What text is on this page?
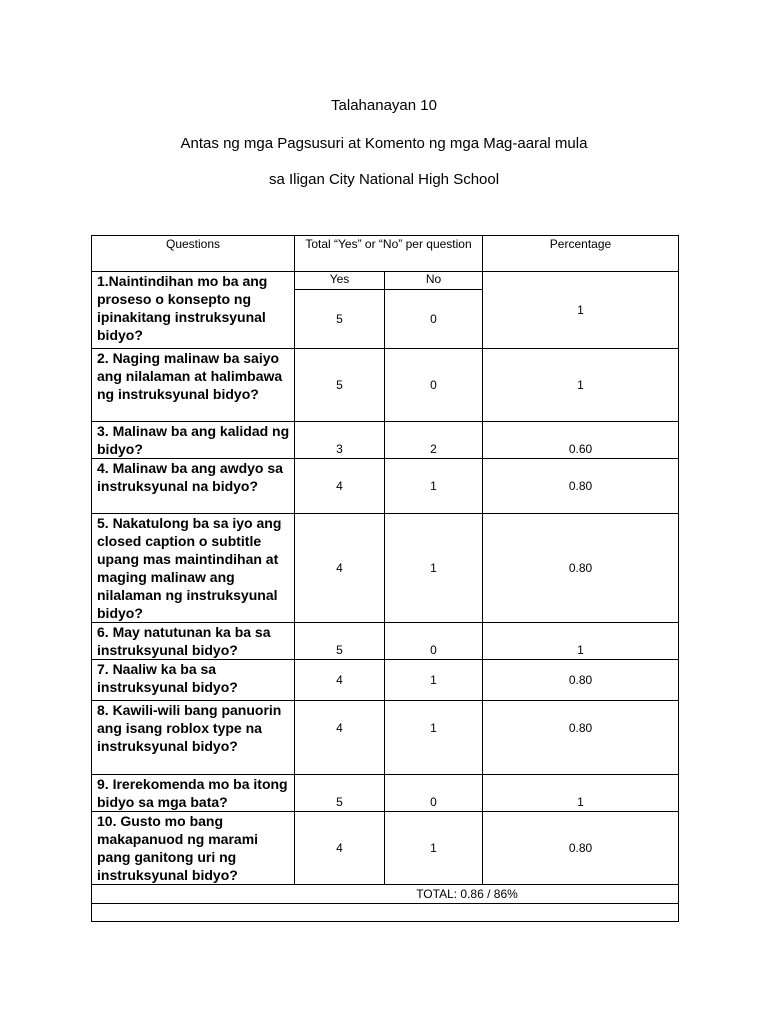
Talahanayan 10
Antas ng mga Pagsusuri at Komento ng mga Mag-aaral mula
sa Iligan City National High School
Questions	Total “Yes” or “No” per question		Percentage
1.Naintindihan mo ba ang proseso o konsepto ng ipinakitang instruksyunal bidyo?	Yes	No	1
	5	0	
2. Naging malinaw ba saiyo ang nilalaman at halimbawa ng instruksyunal bidyo?	5	0	1
3. Malinaw ba ang kalidad ng bidyo?	3	2	0.60
4. Malinaw ba ang awdyo sa instruksyunal na bidyo?	4	1	0.80
5. Nakatulong ba sa iyo ang closed caption o subtitle upang mas maintindihan at maging malinaw ang nilalaman ng instruksyunal bidyo?	4	1	0.80
6. May natutunan ka ba sa instruksyunal bidyo?	5	0	1
7. Naaliw ka ba sa instruksyunal bidyo?	4	1	0.80
8. Kawili-wili bang panuorin ang isang roblox type na instruksyunal bidyo?	4	1	0.80
9. Irerekomenda mo ba itong bidyo sa mga bata?	5	0	1
10. Gusto mo bang makapanuod ng marami pang ganitong uri ng instruksyunal bidyo?	4	1	0.80
TOTAL: 0.86 / 86%			
